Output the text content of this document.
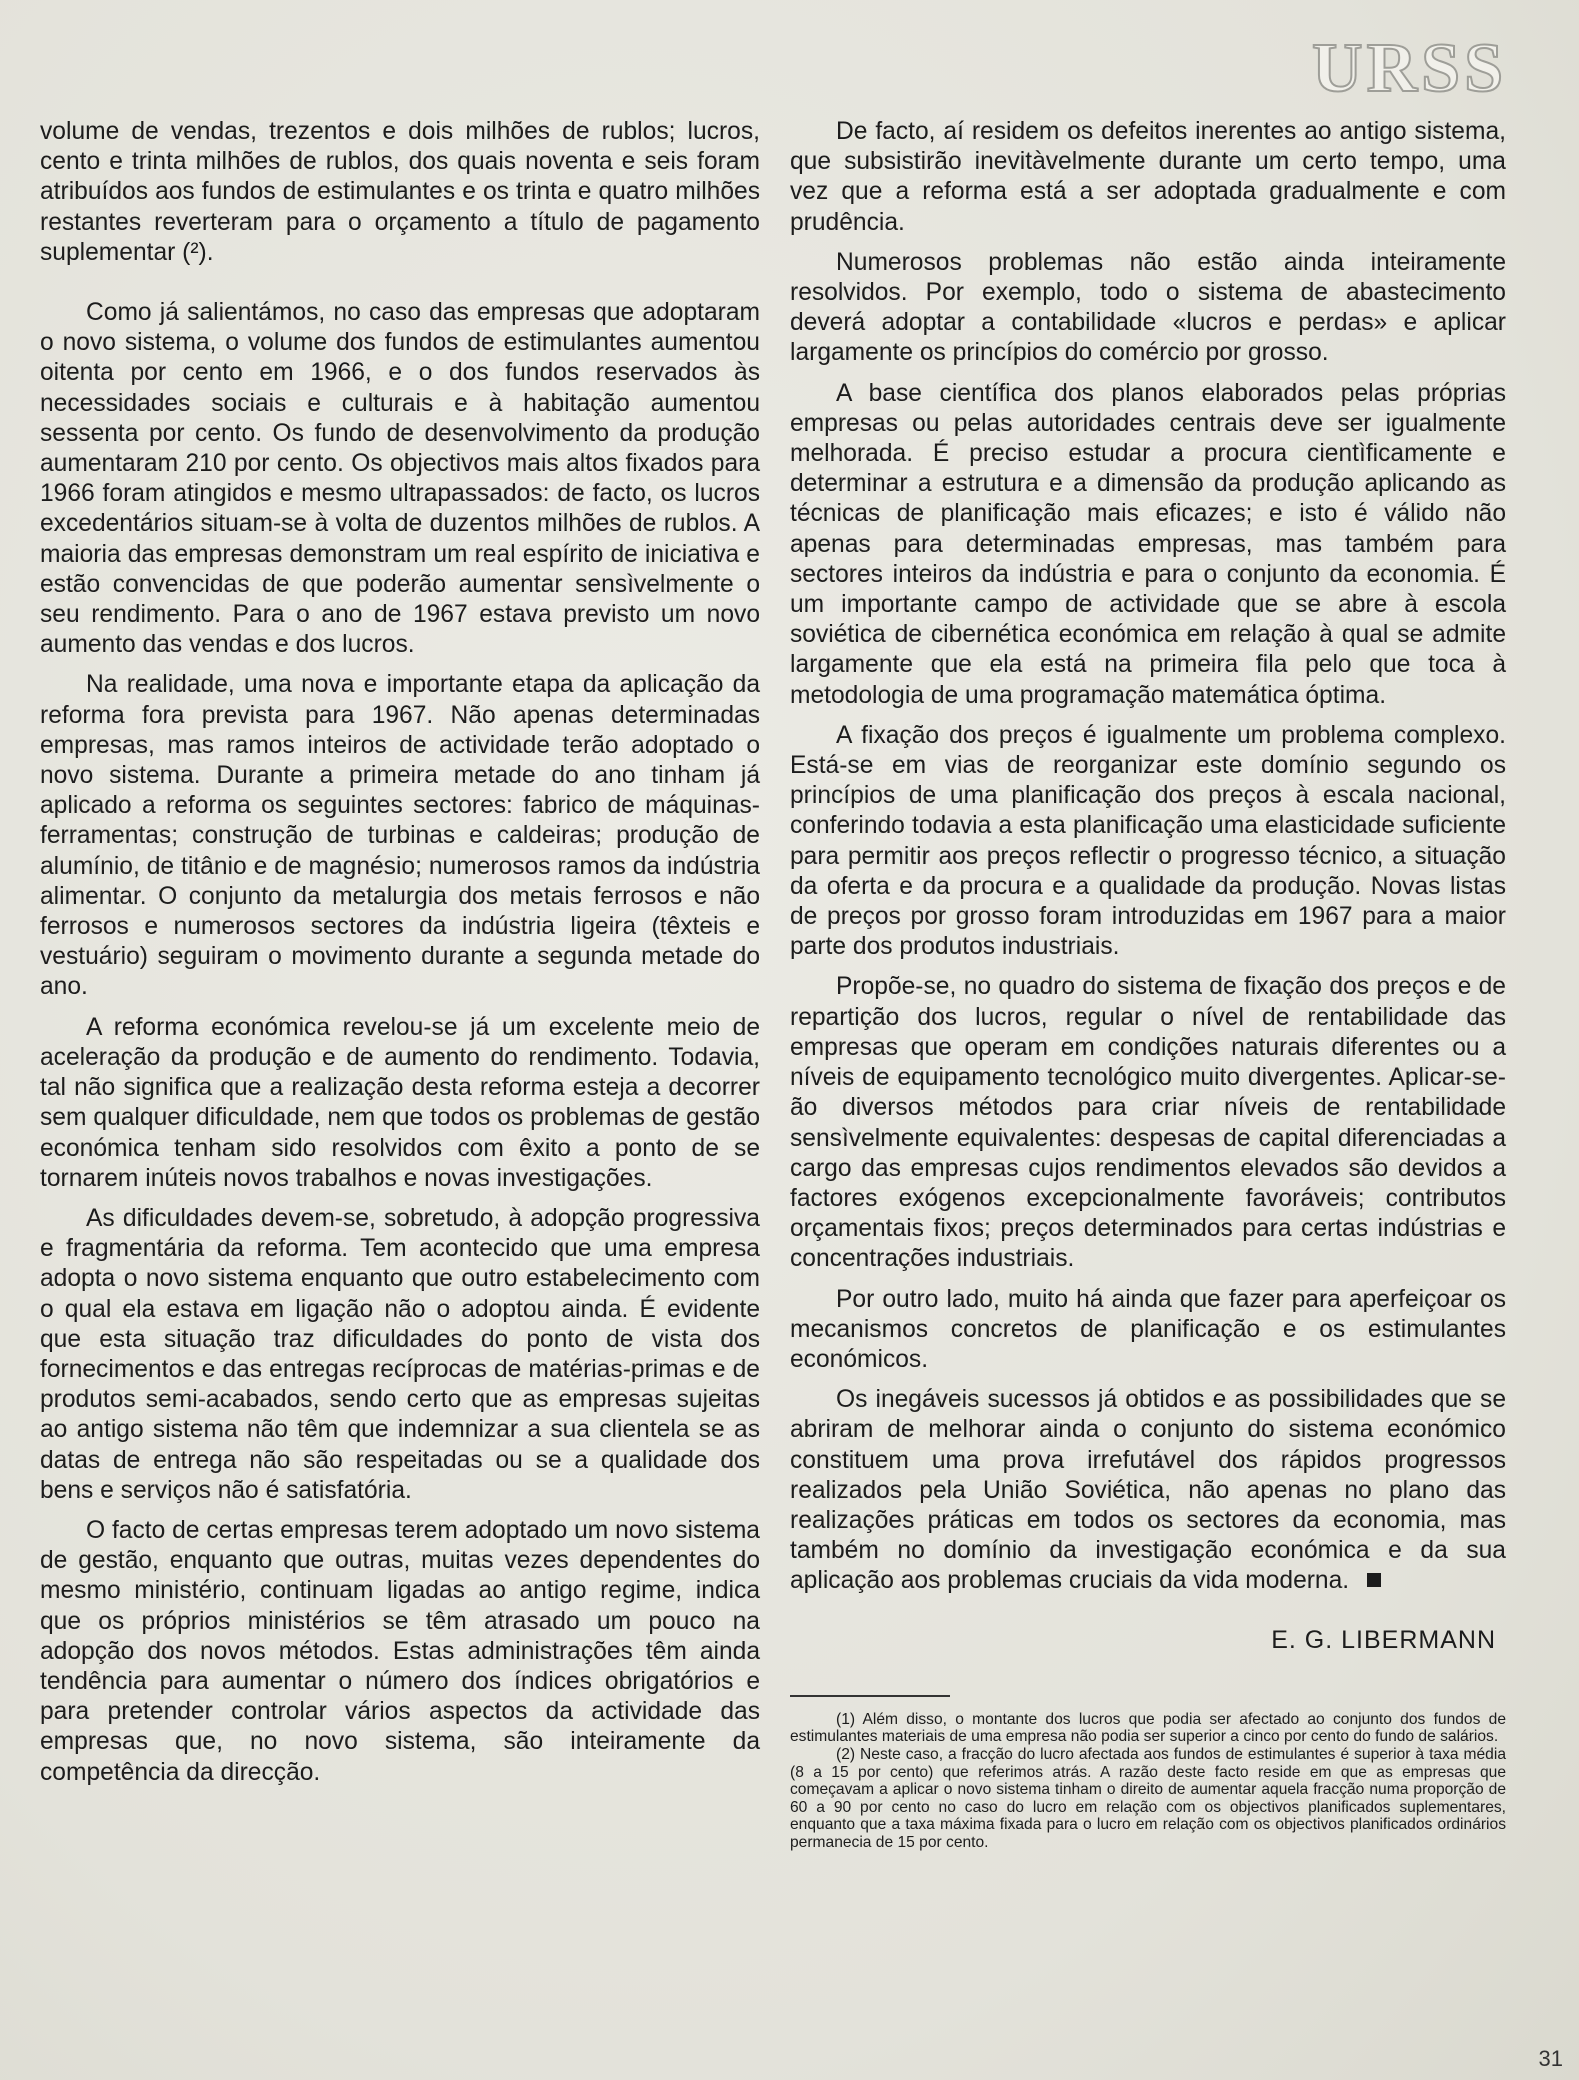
URSS

volume de vendas, trezentos e dois milhões de rublos; lucros, cento e trinta milhões de rublos, dos quais noventa e seis foram atribuídos aos fundos de estimulantes e os trinta e quatro milhões restantes reverteram para o orçamento a título de pagamento suplementar (²).

Como já salientámos, no caso das empresas que adoptaram o novo sistema, o volume dos fundos de estimulantes aumentou oitenta por cento em 1966, e o dos fundos reservados às necessidades sociais e culturais e à habitação aumentou sessenta por cento. Os fundo de desenvolvimento da produção aumentaram 210 por cento. Os objectivos mais altos fixados para 1966 foram atingidos e mesmo ultrapassados: de facto, os lucros excedentários situam-se à volta de duzentos milhões de rublos. A maioria das empresas demonstram um real espírito de iniciativa e estão convencidas de que poderão aumentar sensìvelmente o seu rendimento. Para o ano de 1967 estava previsto um novo aumento das vendas e dos lucros.

Na realidade, uma nova e importante etapa da aplicação da reforma fora prevista para 1967. Não apenas determinadas empresas, mas ramos inteiros de actividade terão adoptado o novo sistema. Durante a primeira metade do ano tinham já aplicado a reforma os seguintes sectores: fabrico de máquinas-ferramentas; construção de turbinas e caldeiras; produção de alumínio, de titânio e de magnésio; numerosos ramos da indústria alimentar. O conjunto da metalurgia dos metais ferrosos e não ferrosos e numerosos sectores da indústria ligeira (têxteis e vestuário) seguiram o movimento durante a segunda metade do ano.

A reforma económica revelou-se já um excelente meio de aceleração da produção e de aumento do rendimento. Todavia, tal não significa que a realização desta reforma esteja a decorrer sem qualquer dificuldade, nem que todos os problemas de gestão económica tenham sido resolvidos com êxito a ponto de se tornarem inúteis novos trabalhos e novas investigações.

As dificuldades devem-se, sobretudo, à adopção progressiva e fragmentária da reforma. Tem acontecido que uma empresa adopta o novo sistema enquanto que outro estabelecimento com o qual ela estava em ligação não o adoptou ainda. É evidente que esta situação traz dificuldades do ponto de vista dos fornecimentos e das entregas recíprocas de matérias-primas e de produtos semi-acabados, sendo certo que as empresas sujeitas ao antigo sistema não têm que indemnizar a sua clientela se as datas de entrega não são respeitadas ou se a qualidade dos bens e serviços não é satisfatória.

O facto de certas empresas terem adoptado um novo sistema de gestão, enquanto que outras, muitas vezes dependentes do mesmo ministério, continuam ligadas ao antigo regime, indica que os próprios ministérios se têm atrasado um pouco na adopção dos novos métodos. Estas administrações têm ainda tendência para aumentar o número dos índices obrigatórios e para pretender controlar vários aspectos da actividade das empresas que, no novo sistema, são inteiramente da competência da direcção.

De facto, aí residem os defeitos inerentes ao antigo sistema, que subsistirão inevitàvelmente durante um certo tempo, uma vez que a reforma está a ser adoptada gradualmente e com prudência.

Numerosos problemas não estão ainda inteiramente resolvidos. Por exemplo, todo o sistema de abastecimento deverá adoptar a contabilidade «lucros e perdas» e aplicar largamente os princípios do comércio por grosso.

A base científica dos planos elaborados pelas próprias empresas ou pelas autoridades centrais deve ser igualmente melhorada. É preciso estudar a procura cientìficamente e determinar a estrutura e a dimensão da produção aplicando as técnicas de planificação mais eficazes; e isto é válido não apenas para determinadas empresas, mas também para sectores inteiros da indústria e para o conjunto da economia. É um importante campo de actividade que se abre à escola soviética de cibernética económica em relação à qual se admite largamente que ela está na primeira fila pelo que toca à metodologia de uma programação matemática óptima.

A fixação dos preços é igualmente um problema complexo. Está-se em vias de reorganizar este domínio segundo os princípios de uma planificação dos preços à escala nacional, conferindo todavia a esta planificação uma elasticidade suficiente para permitir aos preços reflectir o progresso técnico, a situação da oferta e da procura e a qualidade da produção. Novas listas de preços por grosso foram introduzidas em 1967 para a maior parte dos produtos industriais.

Propõe-se, no quadro do sistema de fixação dos preços e de repartição dos lucros, regular o nível de rentabilidade das empresas que operam em condições naturais diferentes ou a níveis de equipamento tecnológico muito divergentes. Aplicar-se-ão diversos métodos para criar níveis de rentabilidade sensìvelmente equivalentes: despesas de capital diferenciadas a cargo das empresas cujos rendimentos elevados são devidos a factores exógenos excepcionalmente favoráveis; contributos orçamentais fixos; preços determinados para certas indústrias e concentrações industriais.

Por outro lado, muito há ainda que fazer para aperfeiçoar os mecanismos concretos de planificação e os estimulantes económicos.

Os inegáveis sucessos já obtidos e as possibilidades que se abriram de melhorar ainda o conjunto do sistema económico constituem uma prova irrefutável dos rápidos progressos realizados pela União Soviética, não apenas no plano das realizações práticas em todos os sectores da economia, mas também no domínio da investigação económica e da sua aplicação aos problemas cruciais da vida moderna.

E. G. LIBERMANN

(1) Além disso, o montante dos lucros que podia ser afectado ao conjunto dos fundos de estimulantes materiais de uma empresa não podia ser superior a cinco por cento do fundo de salários.

(2) Neste caso, a fracção do lucro afectada aos fundos de estimulantes é superior à taxa média (8 a 15 por cento) que referimos atrás. A razão deste facto reside em que as empresas que começavam a aplicar o novo sistema tinham o direito de aumentar aquela fracção numa proporção de 60 a 90 por cento no caso do lucro em relação com os objectivos planificados suplementares, enquanto que a taxa máxima fixada para o lucro em relação com os objectivos planificados ordinários permanecia de 15 por cento.

31
